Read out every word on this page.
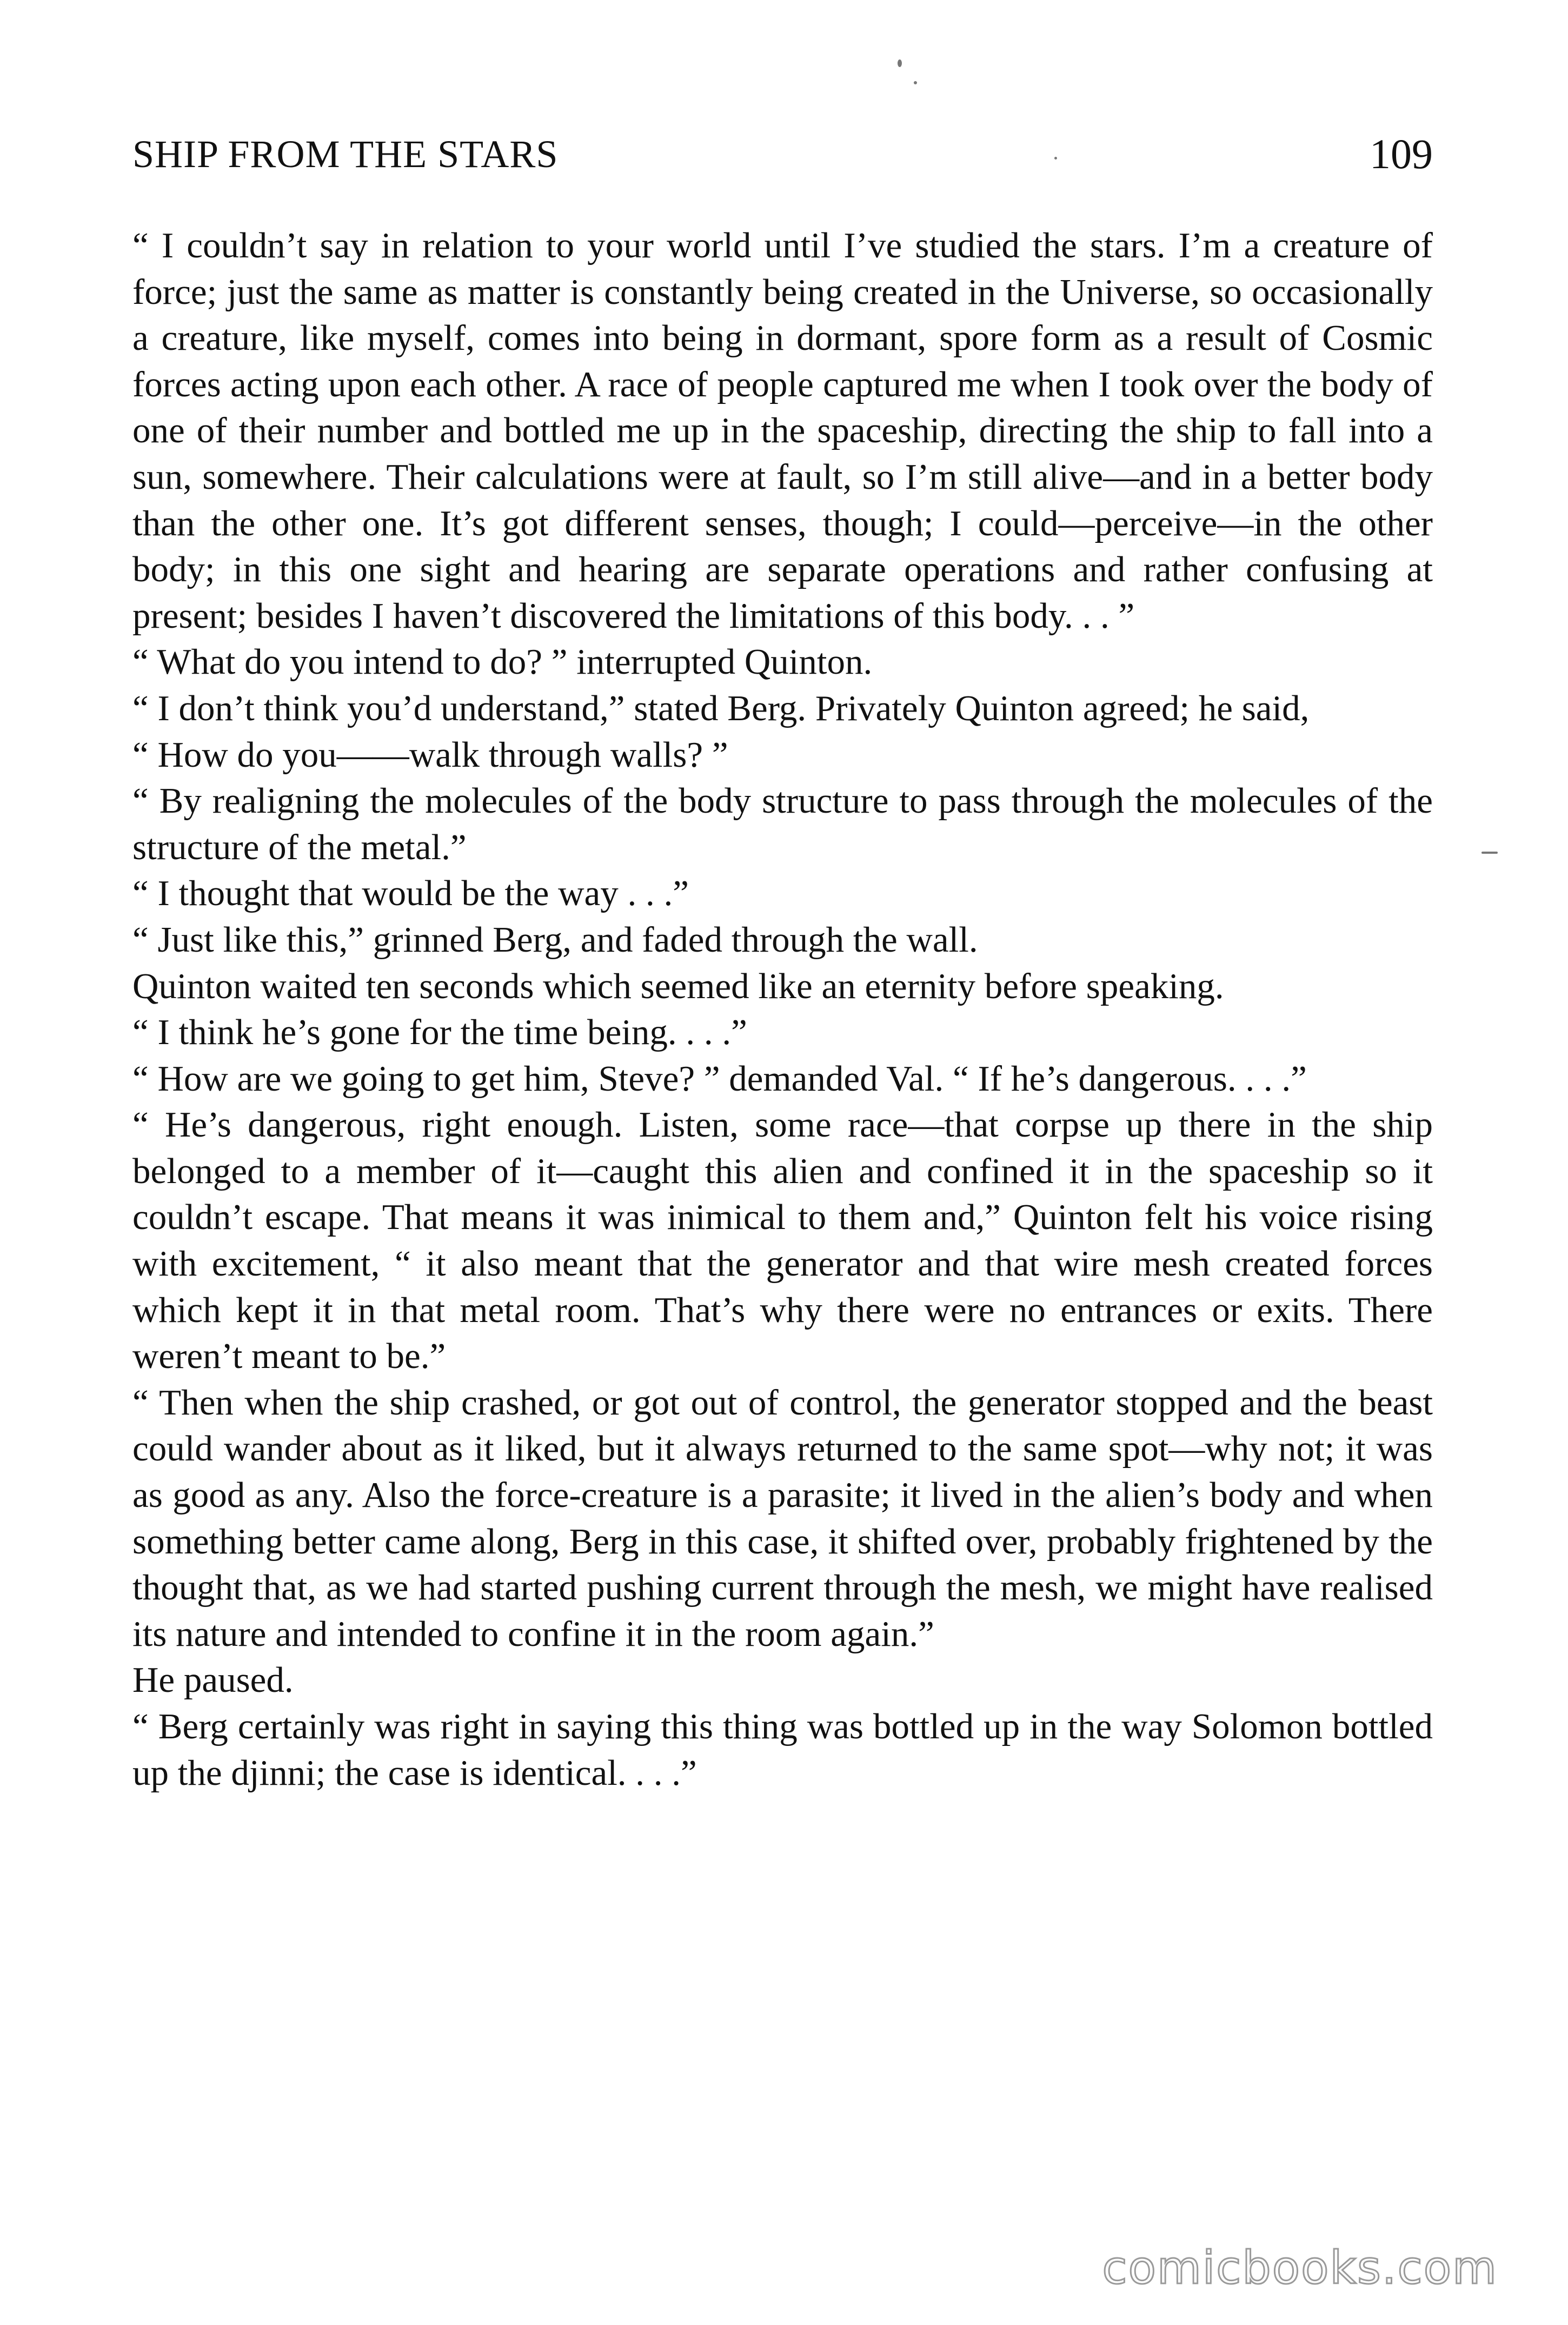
SHIP FROM THE STARS	109

“ I couldn’t say in relation to your world until I’ve studied the stars. I’m a creature of force; just the same as matter is constantly being created in the Universe, so occasionally a creature, like myself, comes into being in dormant, spore form as a result of Cosmic forces acting upon each other. A race of people captured me when I took over the body of one of their number and bottled me up in the spaceship, directing the ship to fall into a sun, somewhere. Their calculations were at fault, so I’m still alive—and in a better body than the other one. It’s got different senses, though; I could—perceive—in the other body; in this one sight and hearing are separate operations and rather confusing at present; besides I haven’t discovered the limitations of this body. . . ”

“ What do you intend to do? ” interrupted Quinton.

“ I don’t think you’d understand,” stated Berg. Privately Quinton agreed; he said,

“ How do you——walk through walls? ”

“ By realigning the molecules of the body structure to pass through the molecules of the structure of the metal.”

“ I thought that would be the way . . .”

“ Just like this,” grinned Berg, and faded through the wall.

Quinton waited ten seconds which seemed like an eternity before speaking.

“ I think he’s gone for the time being. . . .”

“ How are we going to get him, Steve? ” demanded Val. “ If he’s dangerous. . . .”

“ He’s dangerous, right enough. Listen, some race—that corpse up there in the ship belonged to a member of it—caught this alien and confined it in the spaceship so it couldn’t escape. That means it was inimical to them and,” Quinton felt his voice rising with excitement, “ it also meant that the generator and that wire mesh created forces which kept it in that metal room. That’s why there were no entrances or exits. There weren’t meant to be.”

“ Then when the ship crashed, or got out of control, the generator stopped and the beast could wander about as it liked, but it always returned to the same spot—why not; it was as good as any. Also the force-creature is a parasite; it lived in the alien’s body and when something better came along, Berg in this case, it shifted over, probably frightened by the thought that, as we had started pushing current through the mesh, we might have realised its nature and intended to confine it in the room again.”

He paused.

“ Berg certainly was right in saying this thing was bottled up in the way Solomon bottled up the djinni; the case is identical. . . .”

comicbooks.com
